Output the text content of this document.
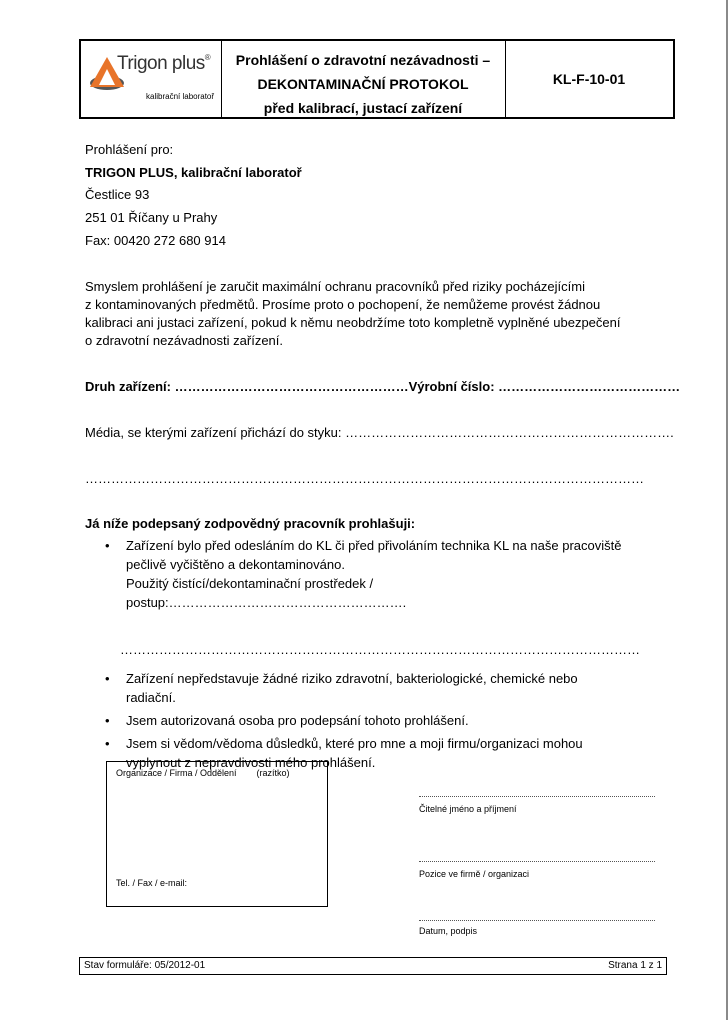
Trigon plus®
kalibrační laboratoř
Prohlášení o zdravotní nezávadnosti –
DEKONTAMINAČNÍ PROTOKOL
před kalibrací, justací zařízení
KL-F-10-01
Prohlášení pro:
TRIGON PLUS, kalibrační laboratoř
Čestlice 93
251 01 Říčany u Prahy
Fax: 00420 272 680 914
Smyslem prohlášení je zaručit maximální ochranu pracovníků před riziky pocházejícími
z kontaminovaných předmětů. Prosíme proto o pochopení, že nemůžeme provést žádnou
kalibraci ani justaci zařízení, pokud k němu neobdržíme toto kompletně vyplněné ubezpečení
o zdravotní nezávadnosti zařízení.
Druh zařízení: ………………………………………………Výrobní číslo: ……………………………………
Média, se kterými zařízení přichází do styku: ………………………………………………………………….
…………………………………………………………………………………………………………………
Já níže podepsaný zodpovědný pracovník prohlašuji:
• Zařízení bylo před odesláním do KL či před přivoláním technika KL na naše pracoviště
pečlivě vyčištěno a dekontaminováno.
Použitý čistící/dekontaminační prostředek / postup:……………………………………………….
…………………………………………………………………………………………………………
• Zařízení nepředstavuje žádné riziko zdravotní, bakteriologické, chemické nebo
radiační.
• Jsem autorizovaná osoba pro podepsání tohoto prohlášení.
• Jsem si vědom/vědoma důsledků, které pro mne a moji firmu/organizaci mohou
vyplynout z nepravdivosti mého prohlášení.
Organizace / Firma / Oddělení        (razítko)
Tel. / Fax / e-mail:
Čitelné jméno a příjmení
Pozice ve firmě / organizaci
Datum, podpis
Stav formuláře: 05/2012-01	Strana 1 z 1
